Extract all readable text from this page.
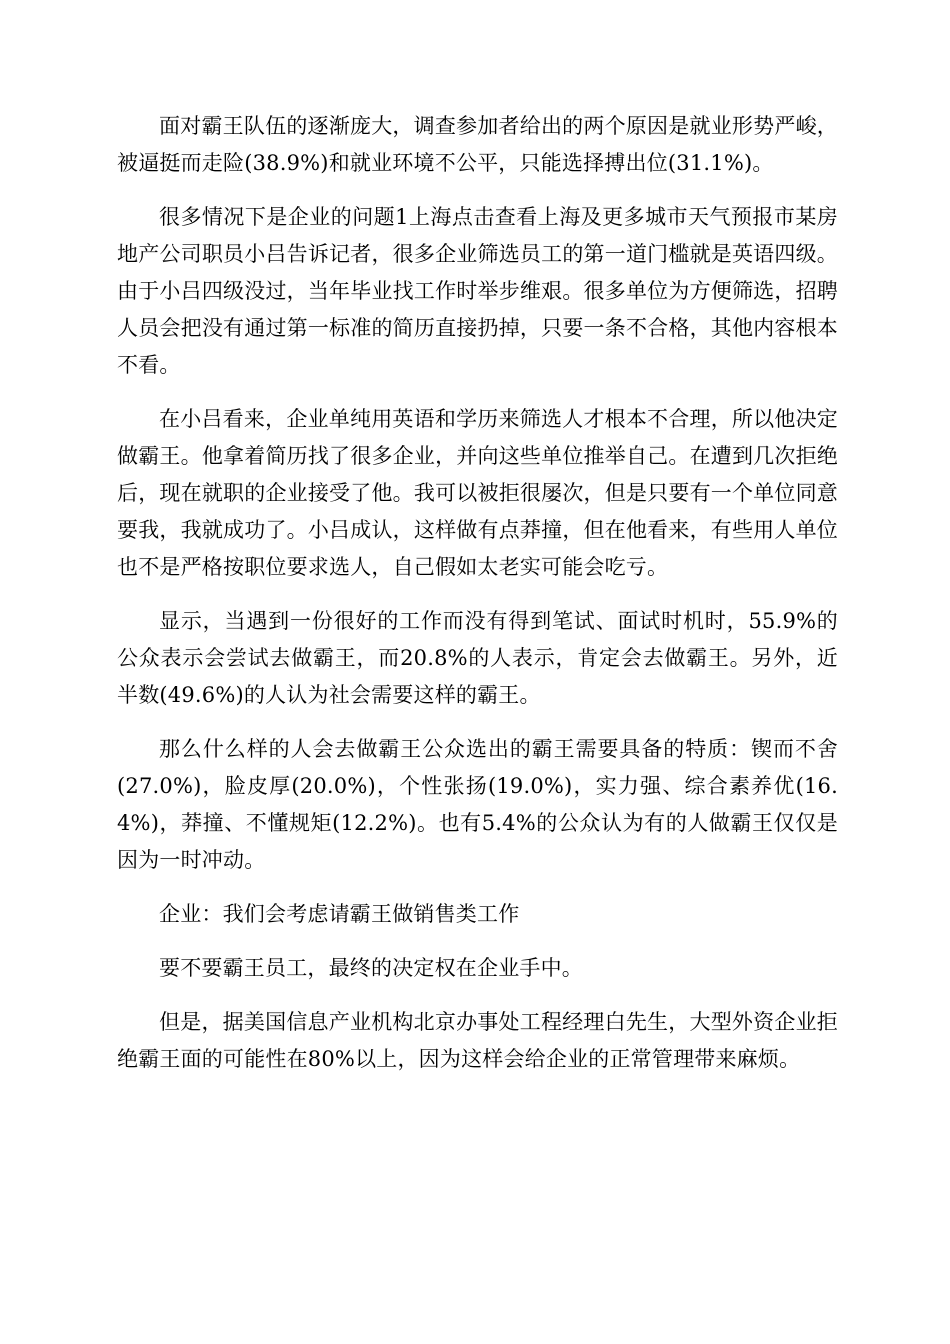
面对霸王队伍的逐渐庞大，调查参加者给出的两个原因是就业形势严峻，被逼挺而走险(38.9%)和就业环境不公平，只能选择搏出位(31.1%)。

很多情况下是企业的问题1上海点击查看上海及更多城市天气预报市某房地产公司职员小吕告诉记者，很多企业筛选员工的第一道门槛就是英语四级。由于小吕四级没过，当年毕业找工作时举步维艰。很多单位为方便筛选，招聘人员会把没有通过第一标准的简历直接扔掉，只要一条不合格，其他内容根本不看。

在小吕看来，企业单纯用英语和学历来筛选人才根本不合理，所以他决定做霸王。他拿着简历找了很多企业，并向这些单位推举自己。在遭到几次拒绝后，现在就职的企业接受了他。我可以被拒很屡次，但是只要有一个单位同意要我，我就成功了。小吕成认，这样做有点莽撞，但在他看来，有些用人单位也不是严格按职位要求选人，自己假如太老实可能会吃亏。

显示，当遇到一份很好的工作而没有得到笔试、面试时机时，55.9%的公众表示会尝试去做霸王，而20.8%的人表示，肯定会去做霸王。另外，近半数(49.6%)的人认为社会需要这样的霸王。

那么什么样的人会去做霸王公众选出的霸王需要具备的特质：锲而不舍(27.0%)，脸皮厚(20.0%)，个性张扬(19.0%)，实力强、综合素养优(16.4%)，莽撞、不懂规矩(12.2%)。也有5.4%的公众认为有的人做霸王仅仅是因为一时冲动。

企业：我们会考虑请霸王做销售类工作

要不要霸王员工，最终的决定权在企业手中。

但是，据美国信息产业机构北京办事处工程经理白先生，大型外资企业拒绝霸王面的可能性在80%以上，因为这样会给企业的正常管理带来麻烦。
